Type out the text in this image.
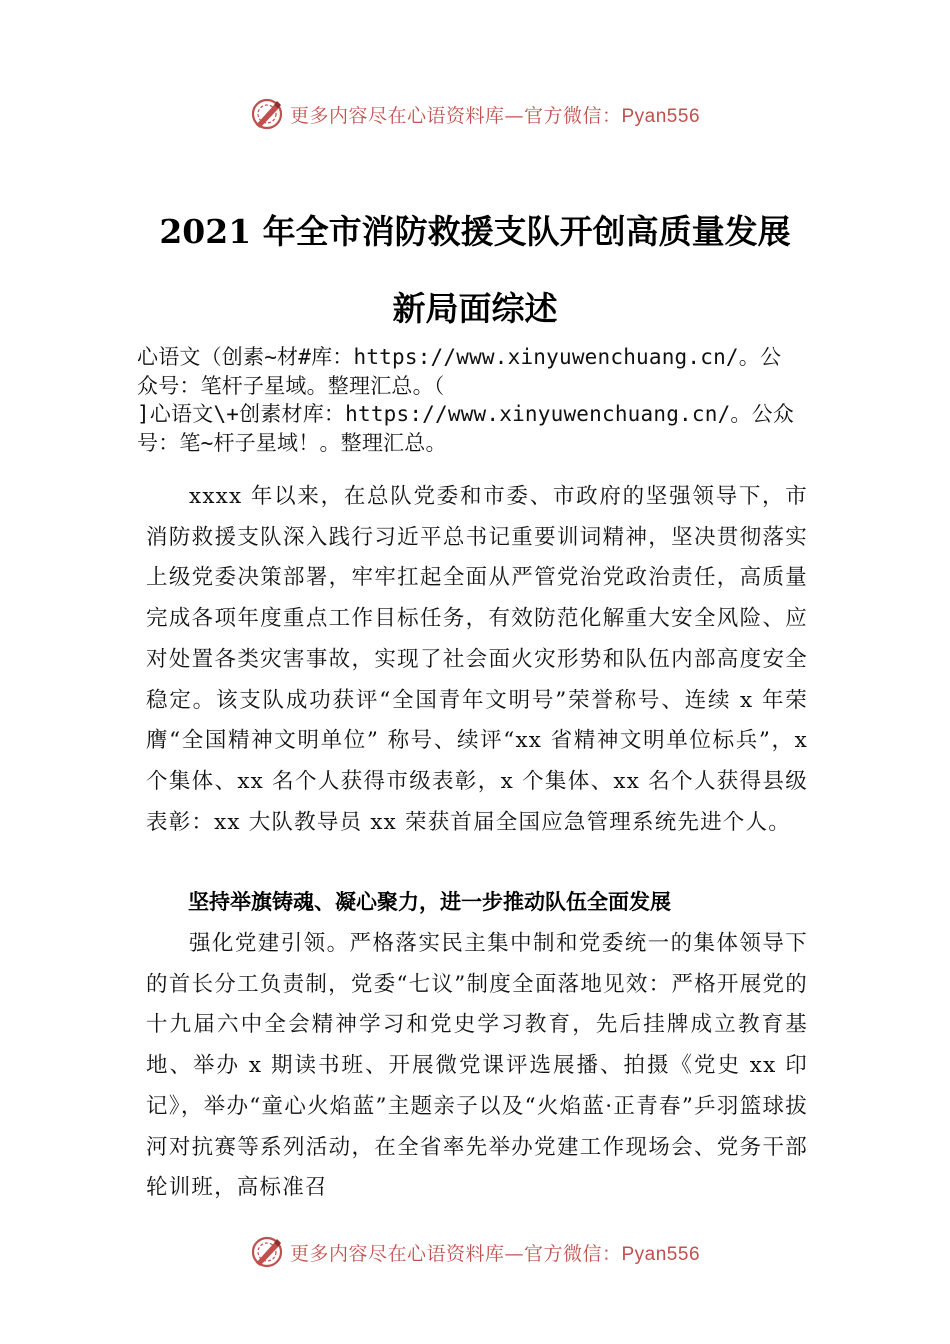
更多内容尽在心语资料库—官方微信：Pyan556
2021 年全市消防救援支队开创高质量发展
新局面综述

心语文（创素~材#库：https://www.xinyuwenchuang.cn/。公
众号：笔杆子星域。整理汇总。（
]心语文\+创素材库：https://www.xinyuwenchuang.cn/。公众
号：笔~杆子星域！。整理汇总。

xxxx 年以来，在总队党委和市委、市政府的坚强领导下，市消防救援支队深入践行习近平总书记重要训词精神，坚决贯彻落实上级党委决策部署，牢牢扛起全面从严管党治党政治责任，高质量完成各项年度重点工作目标任务，有效防范化解重大安全风险、应对处置各类灾害事故，实现了社会面火灾形势和队伍内部高度安全稳定。该支队成功获评“全国青年文明号”荣誉称号、连续 x 年荣膺“全国精神文明单位” 称号、续评“xx 省精神文明单位标兵”，x 个集体、xx 名个人获得市级表彰，x 个集体、xx 名个人获得县级表彰：xx 大队教导员 xx 荣获首届全国应急管理系统先进个人。

坚持举旗铸魂、凝心聚力，进一步推动队伍全面发展

强化党建引领。严格落实民主集中制和党委统一的集体领导下的首长分工负责制，党委“七议”制度全面落地见效：严格开展党的十九届六中全会精神学习和党史学习教育，先后挂牌成立教育基地、举办 x 期读书班、开展微党课评选展播、拍摄《党史 xx 印记》，举办“童心火焰蓝”主题亲子以及“火焰蓝·正青春”乒羽篮球拔河对抗赛等系列活动，在全省率先举办党建工作现场会、党务干部轮训班，高标准召

更多内容尽在心语资料库—官方微信：Pyan556
